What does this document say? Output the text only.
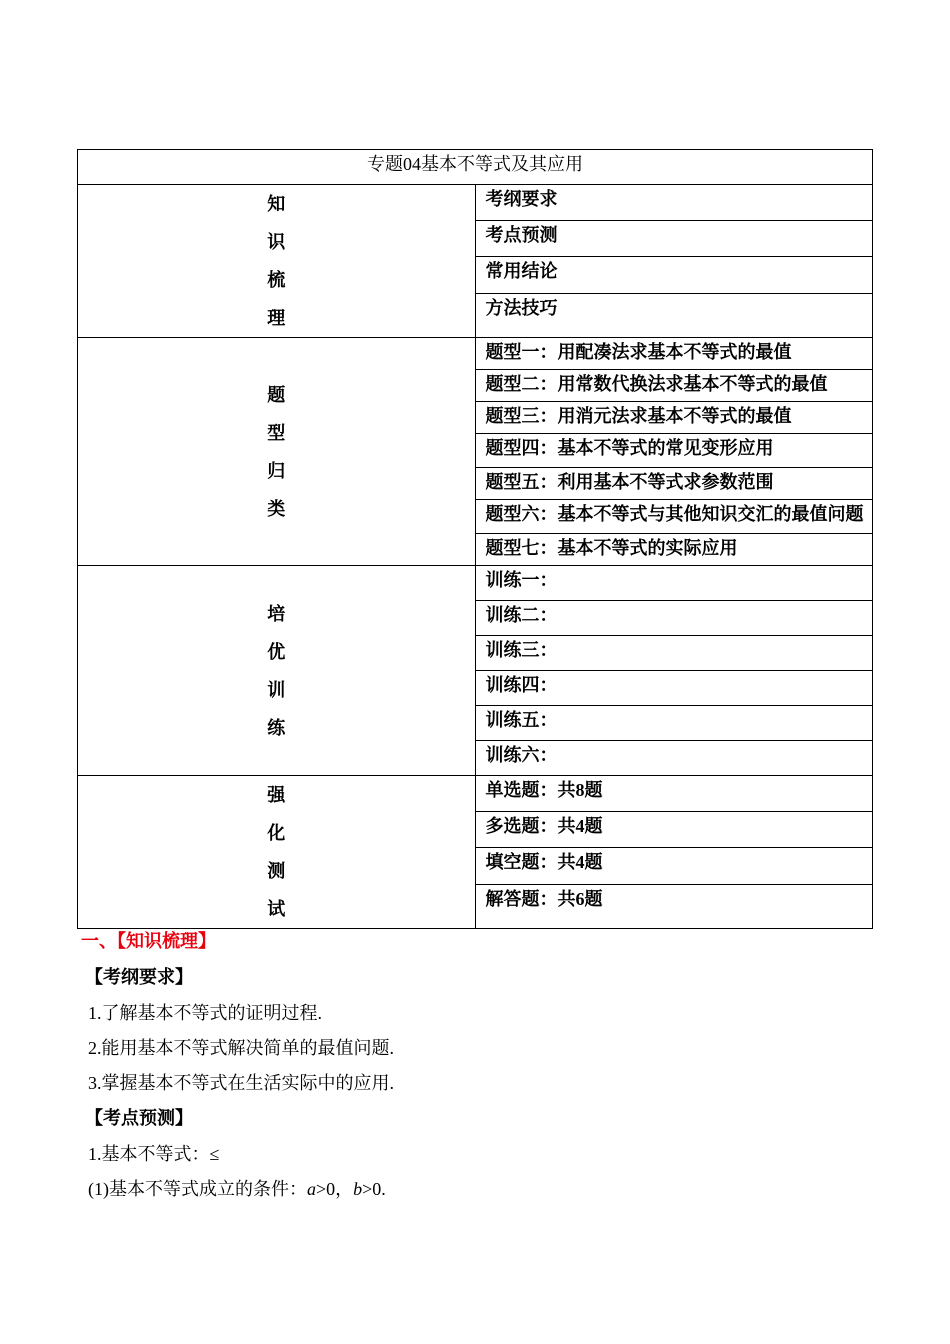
专题04基本不等式及其应用	
知识梳理	考纲要求
	考点预测
	常用结论
	方法技巧
题型归类	题型一：用配凑法求基本不等式的最值
	题型二：用常数代换法求基本不等式的最值
	题型三：用消元法求基本不等式的最值
	题型四：基本不等式的常见变形应用
	题型五：利用基本不等式求参数范围
	题型六：基本不等式与其他知识交汇的最值问题
	题型七：基本不等式的实际应用
培优训练	训练一：
	训练二：
	训练三：
	训练四：
	训练五：
	训练六：
强化测试	单选题：共8题
	多选题：共4题
	填空题：共4题
	解答题：共6题
一、【知识梳理】
【考纲要求】
1.了解基本不等式的证明过程.
2.能用基本不等式解决简单的最值问题.
3.掌握基本不等式在生活实际中的应用.
【考点预测】
1.基本不等式：≤
(1)基本不等式成立的条件：a>0，b>0.
